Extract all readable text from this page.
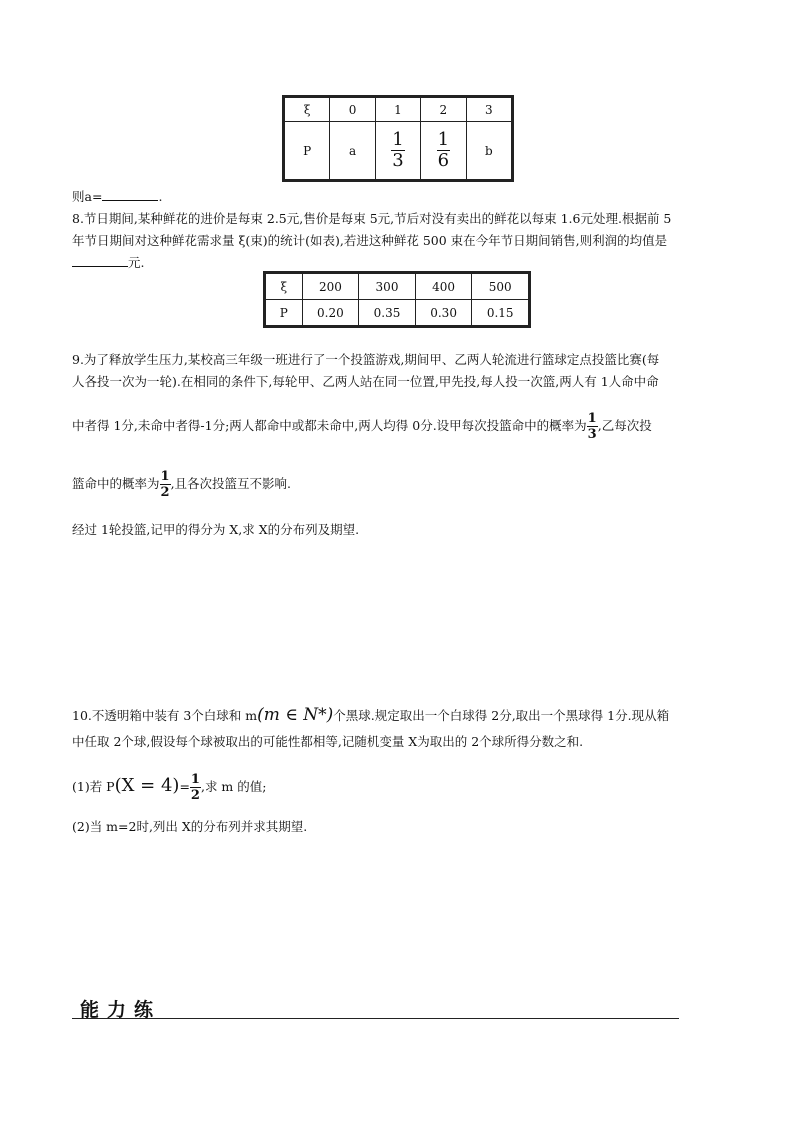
ξ	0	1	2	3
P	a	$\frac{1}{3}$	$\frac{1}{6}$	b
则a=	.
8.节日期间,某种鲜花的进价是每束 2.5元,售价是每束 5元,节后对没有卖出的鲜花以每束 1.6元处理.根据前 5
年节日期间对这种鲜花需求量 ξ(束)的统计(如表),若进这种鲜花 500 束在今年节日期间销售,则利润的均值是
元.
ξ	200	300	400	500
P	0.20	0.35	0.30	0.15
9.为了释放学生压力,某校高三年级一班进行了一个投篮游戏,期间甲、乙两人轮流进行篮球定点投篮比赛(每
人各投一次为一轮).在相同的条件下,每轮甲、乙两人站在同一位置,甲先投,每人投一次篮,两人有 1人命中命
中者得 1分,未命中者得-1分;两人都命中或都未命中,两人均得 0分.设甲每次投篮命中的概率为 $\frac{1}{3}$ ,乙每次投
篮命中的概率为 $\frac{1}{2}$ ,且各次投篮互不影响.
经过 1轮投篮,记甲的得分为 X,求 X的分布列及期望.
10.不透明箱中装有 3个白球和 m(m ∈ N*)个黑球.规定取出一个白球得 2分,取出一个黑球得 1分.现从箱
中任取 2个球,假设每个球被取出的可能性都相等,记随机变量 X为取出的 2个球所得分数之和.
(1)若 $P(X = 4)= \frac{1}{2}$ ,求 m 的值;
(2)当 m=2时,列出 X的分布列并求其期望.
能力练
